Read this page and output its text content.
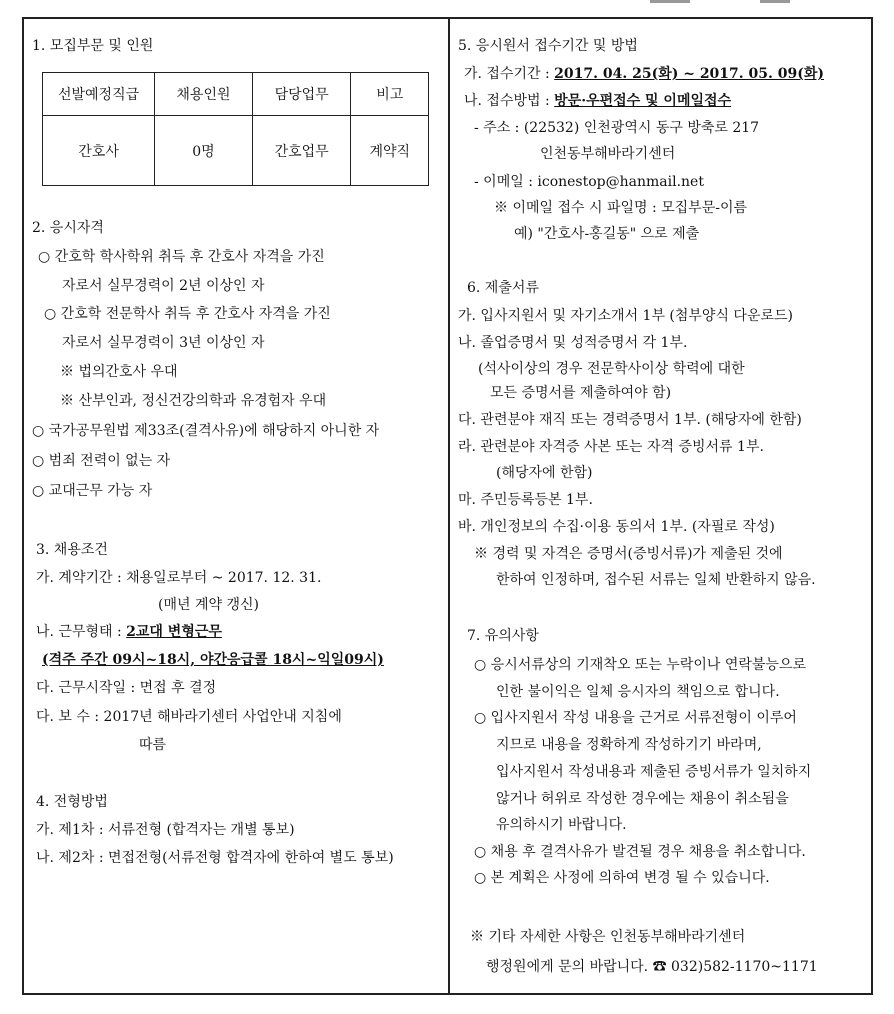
1. 모집부문 및 인원
선발예정직급	채용인원	담당업무	비고
간호사	0명	간호업무	계약직
2. 응시자격
○ 간호학 학사학위 취득 후 간호사 자격을 가진
자로서 실무경력이 2년 이상인 자
○ 간호학 전문학사 취득 후 간호사 자격을 가진
자로서 실무경력이 3년 이상인 자
※ 법의간호사 우대
※ 산부인과, 정신건강의학과 유경험자 우대
○ 국가공무원법 제33조(결격사유)에 해당하지 아니한 자
○ 범죄 전력이 없는 자
○ 교대근무 가능 자
3. 채용조건
가. 계약기간 : 채용일로부터 ~ 2017. 12. 31.
(매년 계약 갱신)
나. 근무형태 : 2교대 변형근무
(격주 주간 09시~18시, 야간응급콜 18시~익일09시)
다. 근무시작일 : 면접 후 결정
다. 보 수 : 2017년 해바라기센터 사업안내 지침에
따름
4. 전형방법
가. 제1차 : 서류전형 (합격자는 개별 통보)
나. 제2차 : 면접전형(서류전형 합격자에 한하여 별도 통보)
5. 응시원서 접수기간 및 방법
가. 접수기간 : 2017. 04. 25(화) ~ 2017. 05. 09(화)
나. 접수방법 : 방문·우편접수 및 이메일접수
- 주소 : (22532) 인천광역시 동구 방축로 217
인천동부해바라기센터
- 이메일 : iconestop@hanmail.net
※ 이메일 접수 시 파일명 : 모집부문-이름
예) "간호사-홍길동" 으로 제출
6. 제출서류
가. 입사지원서 및 자기소개서 1부 (첨부양식 다운로드)
나. 졸업증명서 및 성적증명서 각 1부.
(석사이상의 경우 전문학사이상 학력에 대한
모든 증명서를 제출하여야 함)
다. 관련분야 재직 또는 경력증명서 1부. (해당자에 한함)
라. 관련분야 자격증 사본 또는 자격 증빙서류 1부.
(해당자에 한함)
마. 주민등록등본 1부.
바. 개인정보의 수집·이용 동의서 1부. (자필로 작성)
※ 경력 및 자격은 증명서(증빙서류)가 제출된 것에
한하여 인정하며, 접수된 서류는 일체 반환하지 않음.
7. 유의사항
○ 응시서류상의 기재착오 또는 누락이나 연락불능으로
인한 불이익은 일체 응시자의 책임으로 합니다.
○ 입사지원서 작성 내용을 근거로 서류전형이 이루어
지므로 내용을 정확하게 작성하기기 바라며,
입사지원서 작성내용과 제출된 증빙서류가 일치하지
않거나 허위로 작성한 경우에는 채용이 취소됨을
유의하시기 바랍니다.
○ 채용 후 결격사유가 발견될 경우 채용을 취소합니다.
○ 본 계획은 사정에 의하여 변경 될 수 있습니다.
※ 기타 자세한 사항은 인천동부해바라기센터
행정원에게 문의 바랍니다. ☎ 032)582-1170~1171
